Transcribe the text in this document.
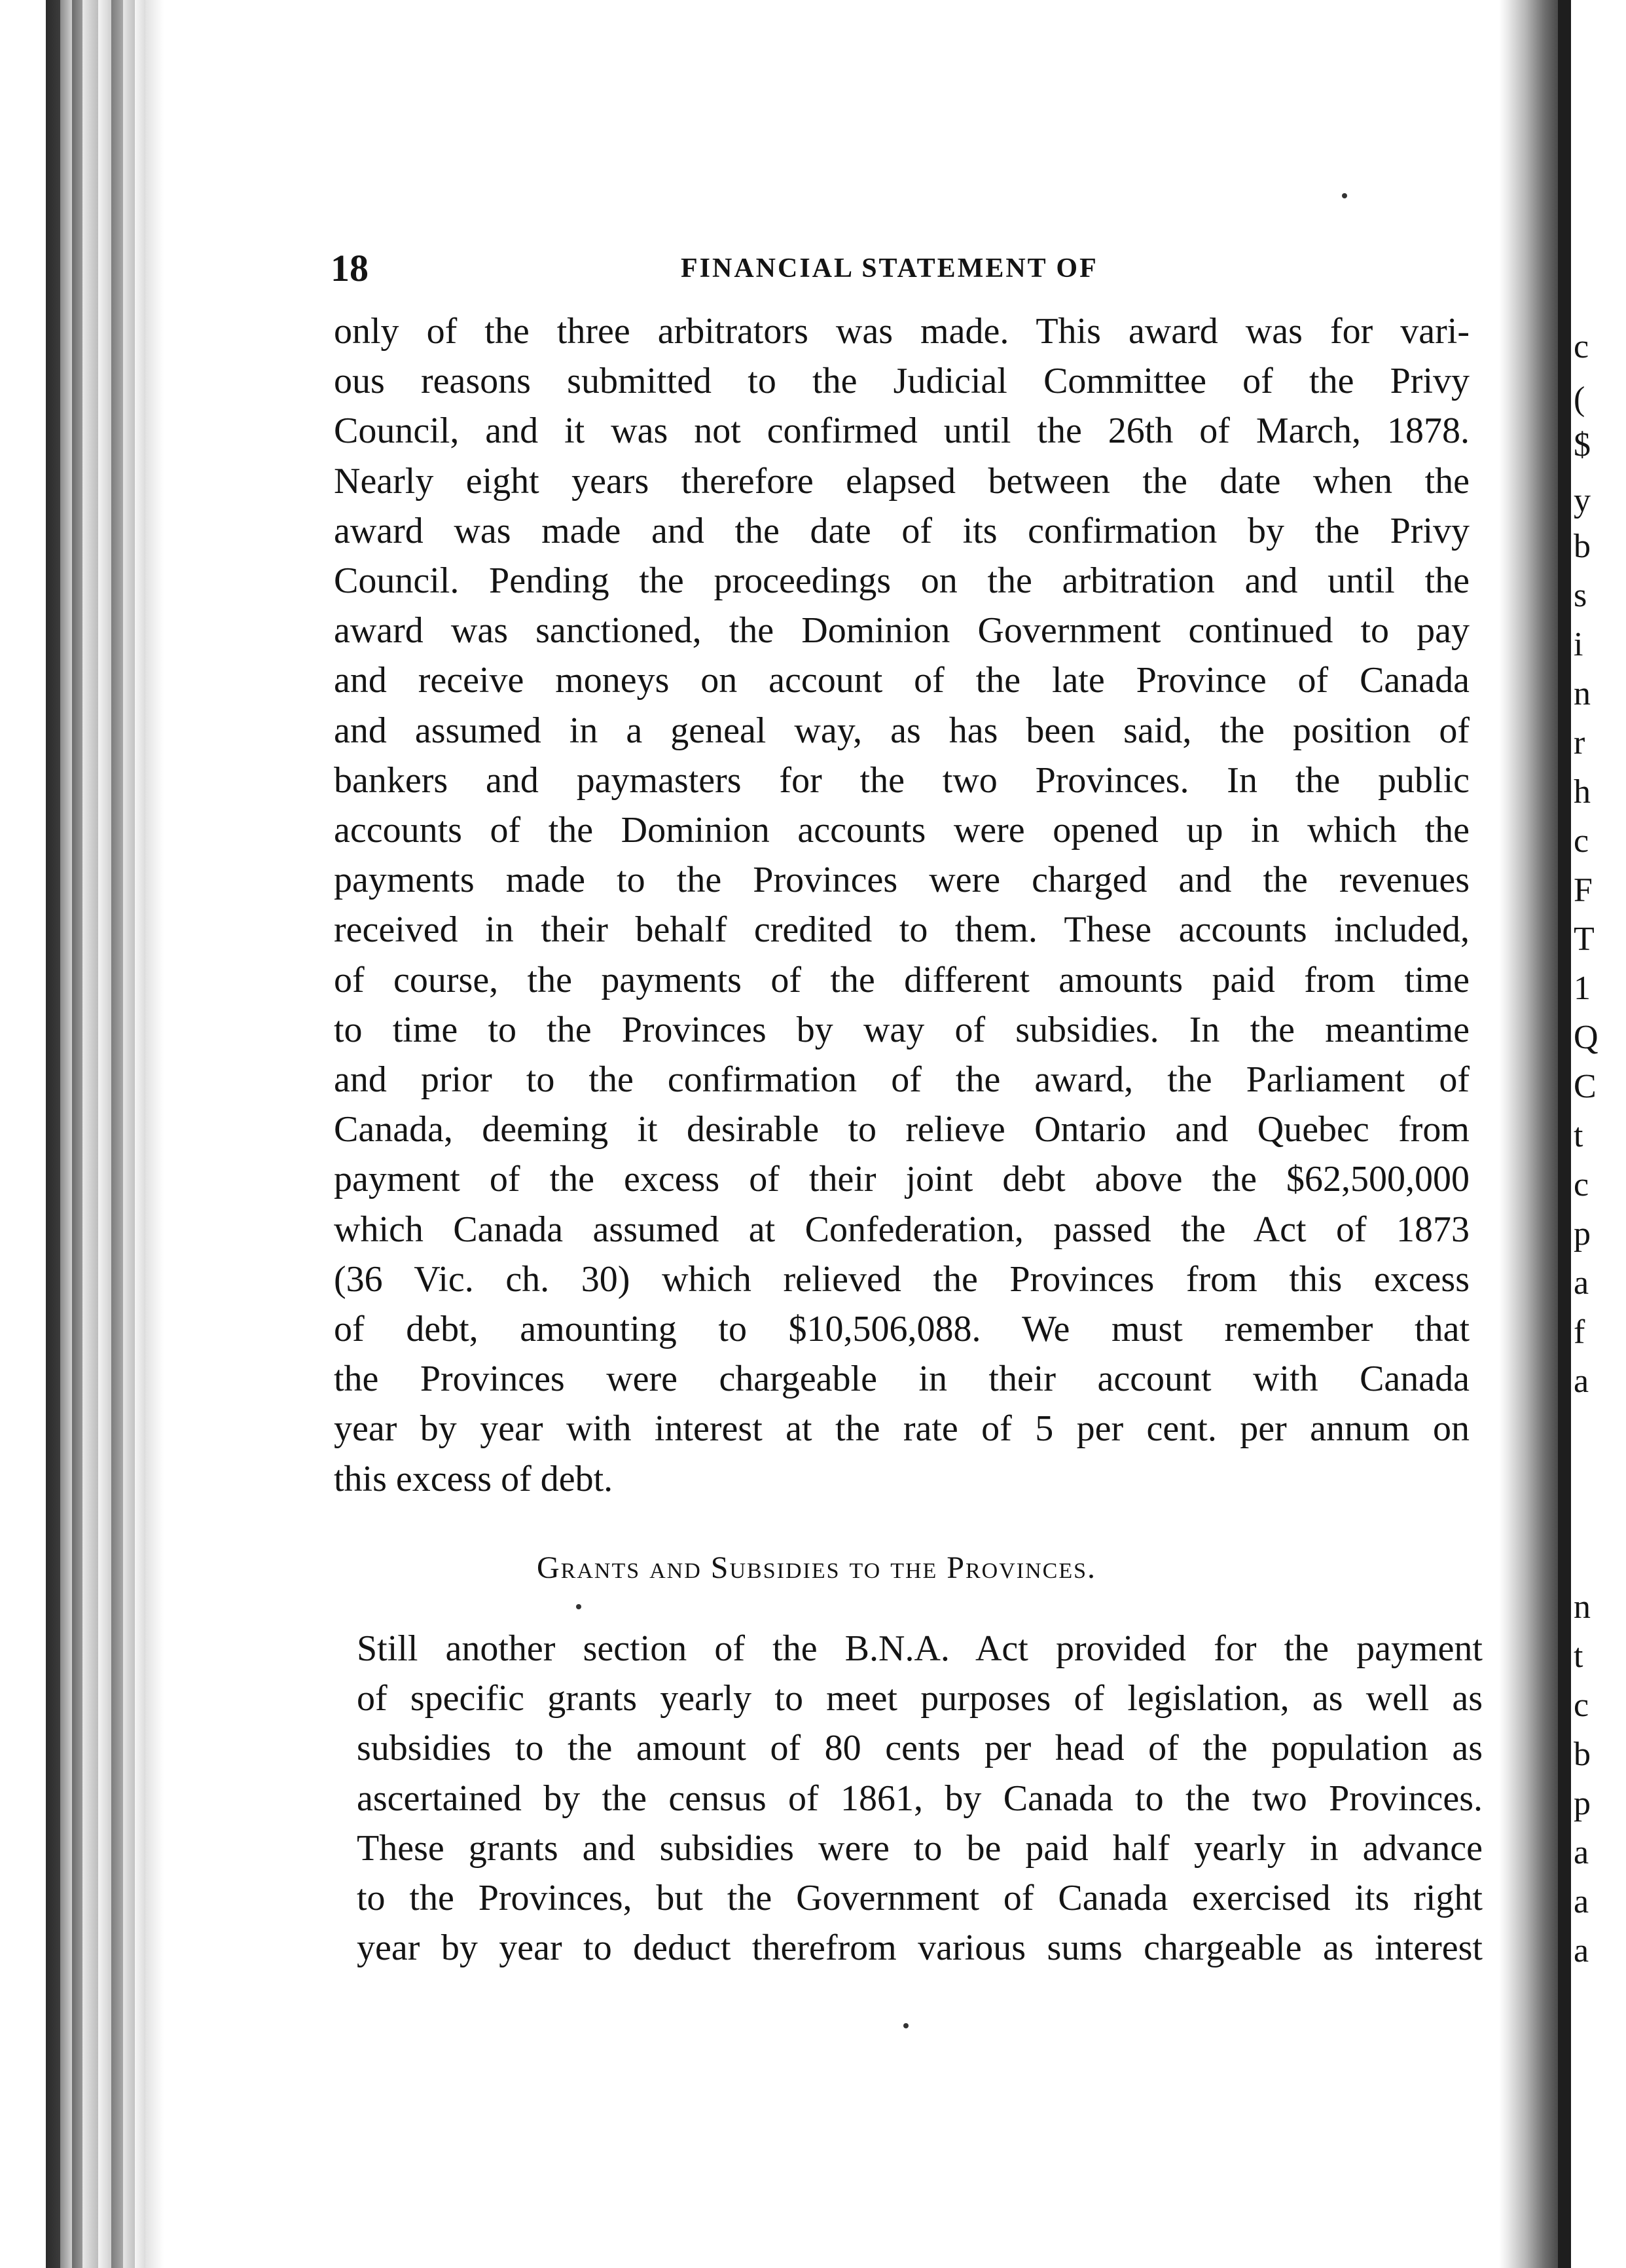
18	FINANCIAL STATEMENT OF
only of the three arbitrators was made. This award was for vari-
ous reasons submitted to the Judicial Committee of the Privy
Council, and it was not confirmed until the 26th of March, 1878.
Nearly eight years therefore elapsed between the date when the
award was made and the date of its confirmation by the Privy
Council. Pending the proceedings on the arbitration and until the
award was sanctioned, the Dominion Government continued to pay
and receive moneys on account of the late Province of Canada
and assumed in a geneal way, as has been said, the position of
bankers and paymasters for the two Provinces. In the public
accounts of the Dominion accounts were opened up in which the
payments made to the Provinces were charged and the revenues
received in their behalf credited to them. These accounts included,
of course, the payments of the different amounts paid from time
to time to the Provinces by way of subsidies. In the meantime
and prior to the confirmation of the award, the Parliament of
Canada, deeming it desirable to relieve Ontario and Quebec from
payment of the excess of their joint debt above the $62,500,000
which Canada assumed at Confederation, passed the Act of 1873
(36 Vic. ch. 30) which relieved the Provinces from this excess
of debt, amounting to $10,506,088. We must remember that
the Provinces were chargeable in their account with Canada
year by year with interest at the rate of 5 per cent. per annum on
this excess of debt.
Grants and Subsidies to the Provinces.
Still another section of the B.N.A. Act provided for the payment
of specific grants yearly to meet purposes of legislation, as well as
subsidies to the amount of 80 cents per head of the population as
ascertained by the census of 1861, by Canada to the two Provinces.
These grants and subsidies were to be paid half yearly in advance
to the Provinces, but the Government of Canada exercised its right
year by year to deduct therefrom various sums chargeable as interest
c
(
$
y
b
s
i
n
r
h
c
F
T
1
Q
C
t
c
p
a
f
a
n
t
c
b
p
a
a
a
